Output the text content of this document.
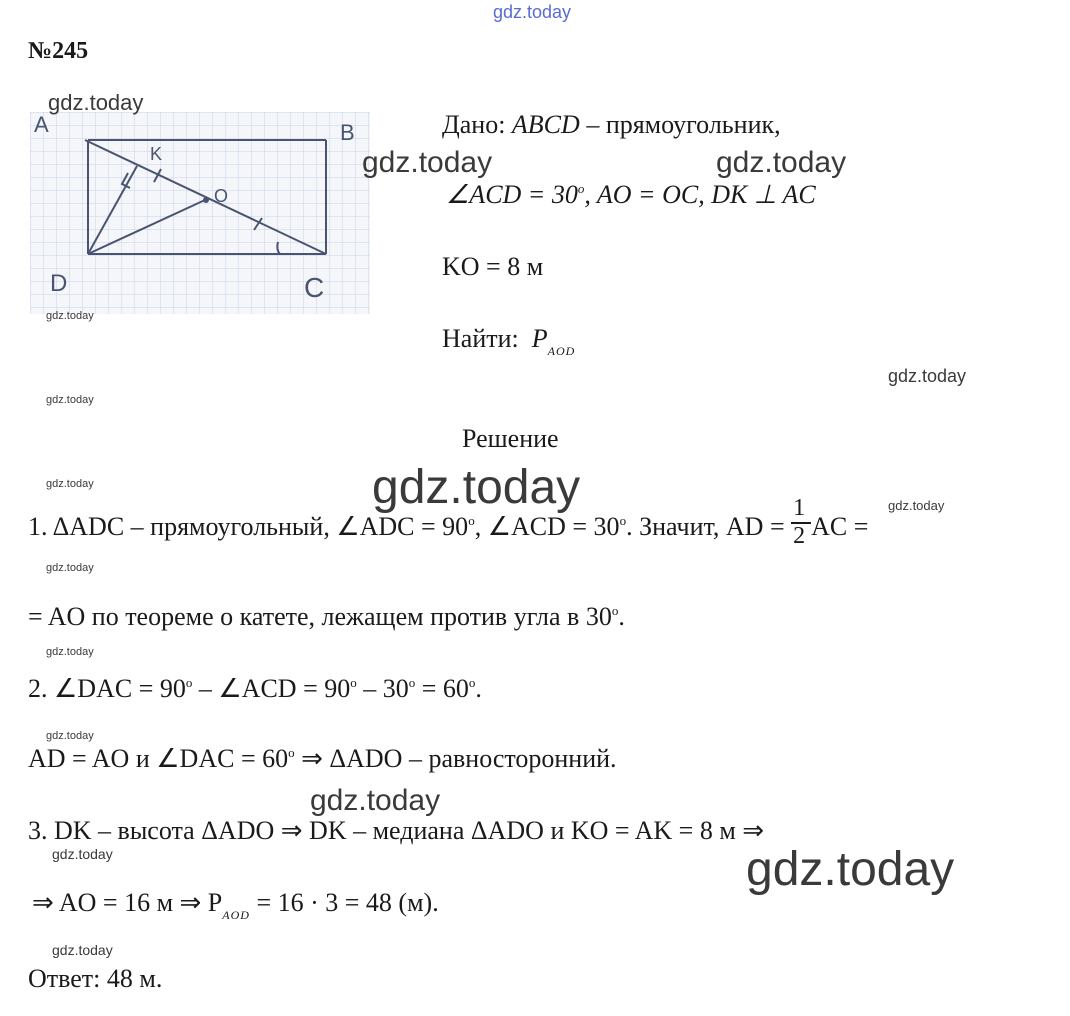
gdz.today
№245
A	B
C
D
K
O
Дано: ABCD – прямоугольник,
∠ACD = $30^o$, AO = OC, DK ⊥ AC
KO = 8 м
Найти: $P_{AOD}$
Решение
1. ΔADC – прямоугольный, ∠ADC = $90^o$, ∠ACD = $30^o$. Значит, AD = $\frac{1}{2}$ AC =
= AO по теореме о катете, лежащем против угла в 30$^o$.
2. ∠DAC = $90^o$ – ∠ACD = $90^o - 30^o = 60^o$.
AD = AO и ∠DAC = $60^o$ ⇒ ΔADO – равносторонний.
3. DK – высота ΔADO ⇒ DK – медиана ΔADO и KO = AK = 8 м ⇒
⇒ AO = 16 м ⇒ $P_{AOD} = 16 \cdot 3 = 48$ (м).
Ответ: 48 м.
gdz.today
gdz.today	gdz.today
gdz.today
gdz.today
gdz.today
gdz.today
gdz.today
gdz.today
gdz.today
gdz.today
gdz.today
gdz.today
gdz.today	gdz.today
gdz.today
